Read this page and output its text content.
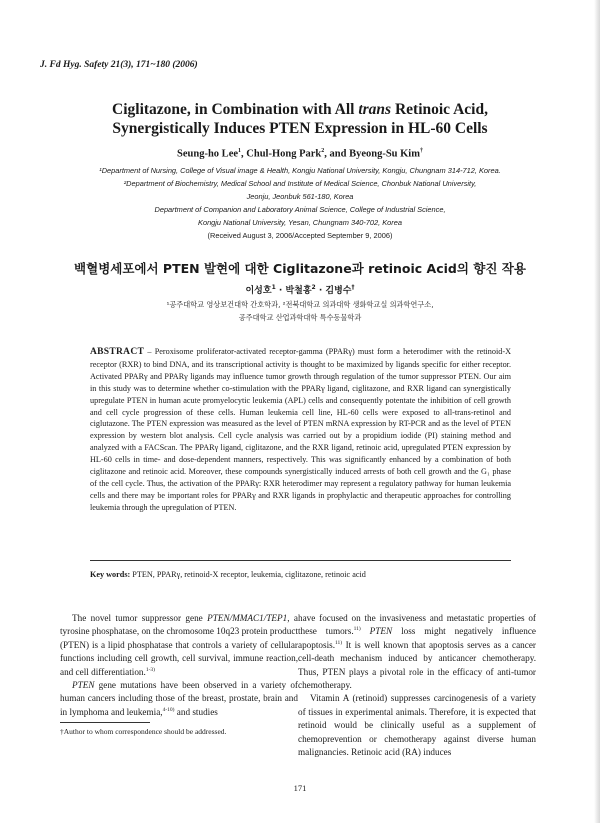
J. Fd Hyg. Safety 21(3), 171~180 (2006)
Ciglitazone, in Combination with All trans Retinoic Acid,
Synergistically Induces PTEN Expression in HL-60 Cells
Seung-ho Lee$^1$, Chul-Hong Park$^2$, and Byeong-Su Kim†
¹Department of Nursing, College of Visual image & Health, Kongju National University, Kongju, Chungnam 314-712, Korea.
²Department of Biochemistry, Medical School and Institute of Medical Science, Chonbuk National University,
Jeonju, Jeonbuk 561-180, Korea
Department of Companion and Laboratory Animal Science, College of Industrial Science,
Kongju National University, Yesan, Chungnam 340-702, Korea
(Received August 3, 2006/Accepted September 9, 2006)
백혈병세포에서 PTEN 발현에 대한 Ciglitazone과 retinoic Acid의 향진 작용
이성호$^1$ · 박철홍$^2$ · 김병수†
¹공주대학교 영상보건대학 간호학과, ²전북대학교 의과대학 생화학교실 의과학연구소,
공주대학교 산업과학대학 특수동물학과
ABSTRACT – Peroxisome proliferator-activated receptor-gamma (PPARγ) must form a heterodimer with the retinoid-X receptor (RXR) to bind DNA, and its transcriptional activity is thought to be maximized by ligands specific for either receptor. Activated PPARγ and PPARγ ligands may influence tumor growth through regulation of the tumor suppressor PTEN. Our aim in this study was to determine whether co-stimulation with the PPARγ ligand, ciglitazone, and RXR ligand can synergistically upregulate PTEN in human acute promyelocytic leukemia (APL) cells and consequently potentate the inhibition of cell growth and cell cycle progression of these cells. Human leukemia cell line, HL-60 cells were exposed to all-trans-retinol and ciglutazone. The PTEN expression was measured as the level of PTEN mRNA expression by RT-PCR and as the level of PTEN expression by western blot analysis. Cell cycle analysis was carried out by a propidium iodide (PI) staining method and analyzed with a FACScan. The PPARγ ligand, ciglitazone, and the RXR ligand, retinoic acid, upregulated PTEN expression by HL-60 cells in time- and dose-dependent manners, respectively. This was significantly enhanced by a combination of both ciglitazone and retinoic acid. Moreover, these compounds synergistically induced arrests of both cell growth and the G₁ phase of the cell cycle. Thus, the activation of the PPARγ: RXR heterodimer may represent a regulatory pathway for human leukemia cells and there may be important roles for PPARγ and RXR ligands in prophylactic and therapeutic approaches for controlling leukemia through the upregulation of PTEN.
Key words: PTEN, PPARγ, retinoid-X receptor, leukemia, ciglitazone, retinoic acid

The novel tumor suppressor gene PTEN/MMAC1/TEP1, a tyrosine phosphatase, on the chromosome 10q23 protein product (PTEN) is a lipid phosphatase that controls a variety of cellular functions including cell growth, cell survival, immune reaction, and cell differentiation.$^{1-3)}$

PTEN gene mutations have been observed in a variety of human cancers including those of the breast, prostate, brain and in lymphoma and leukemia,$^{4-10)}$ and studies

have focused on the invasiveness and metastatic properties of these tumors.$^{11)}$ PTEN loss might negatively influence apoptosis.$^{11)}$ It is well known that apoptosis serves as a cancer cell-death mechanism induced by anticancer chemotherapy. Thus, PTEN plays a pivotal role in the efficacy of anti-tumor chemotherapy.

Vitamin A (retinoid) suppresses carcinogenesis of a variety of tissues in experimental animals. Therefore, it is expected that retinoid would be clinically useful as a supplement of chemoprevention or chemotherapy against diverse human malignancies. Retinoic acid (RA) induces

†Author to whom correspondence should be addressed.
171
